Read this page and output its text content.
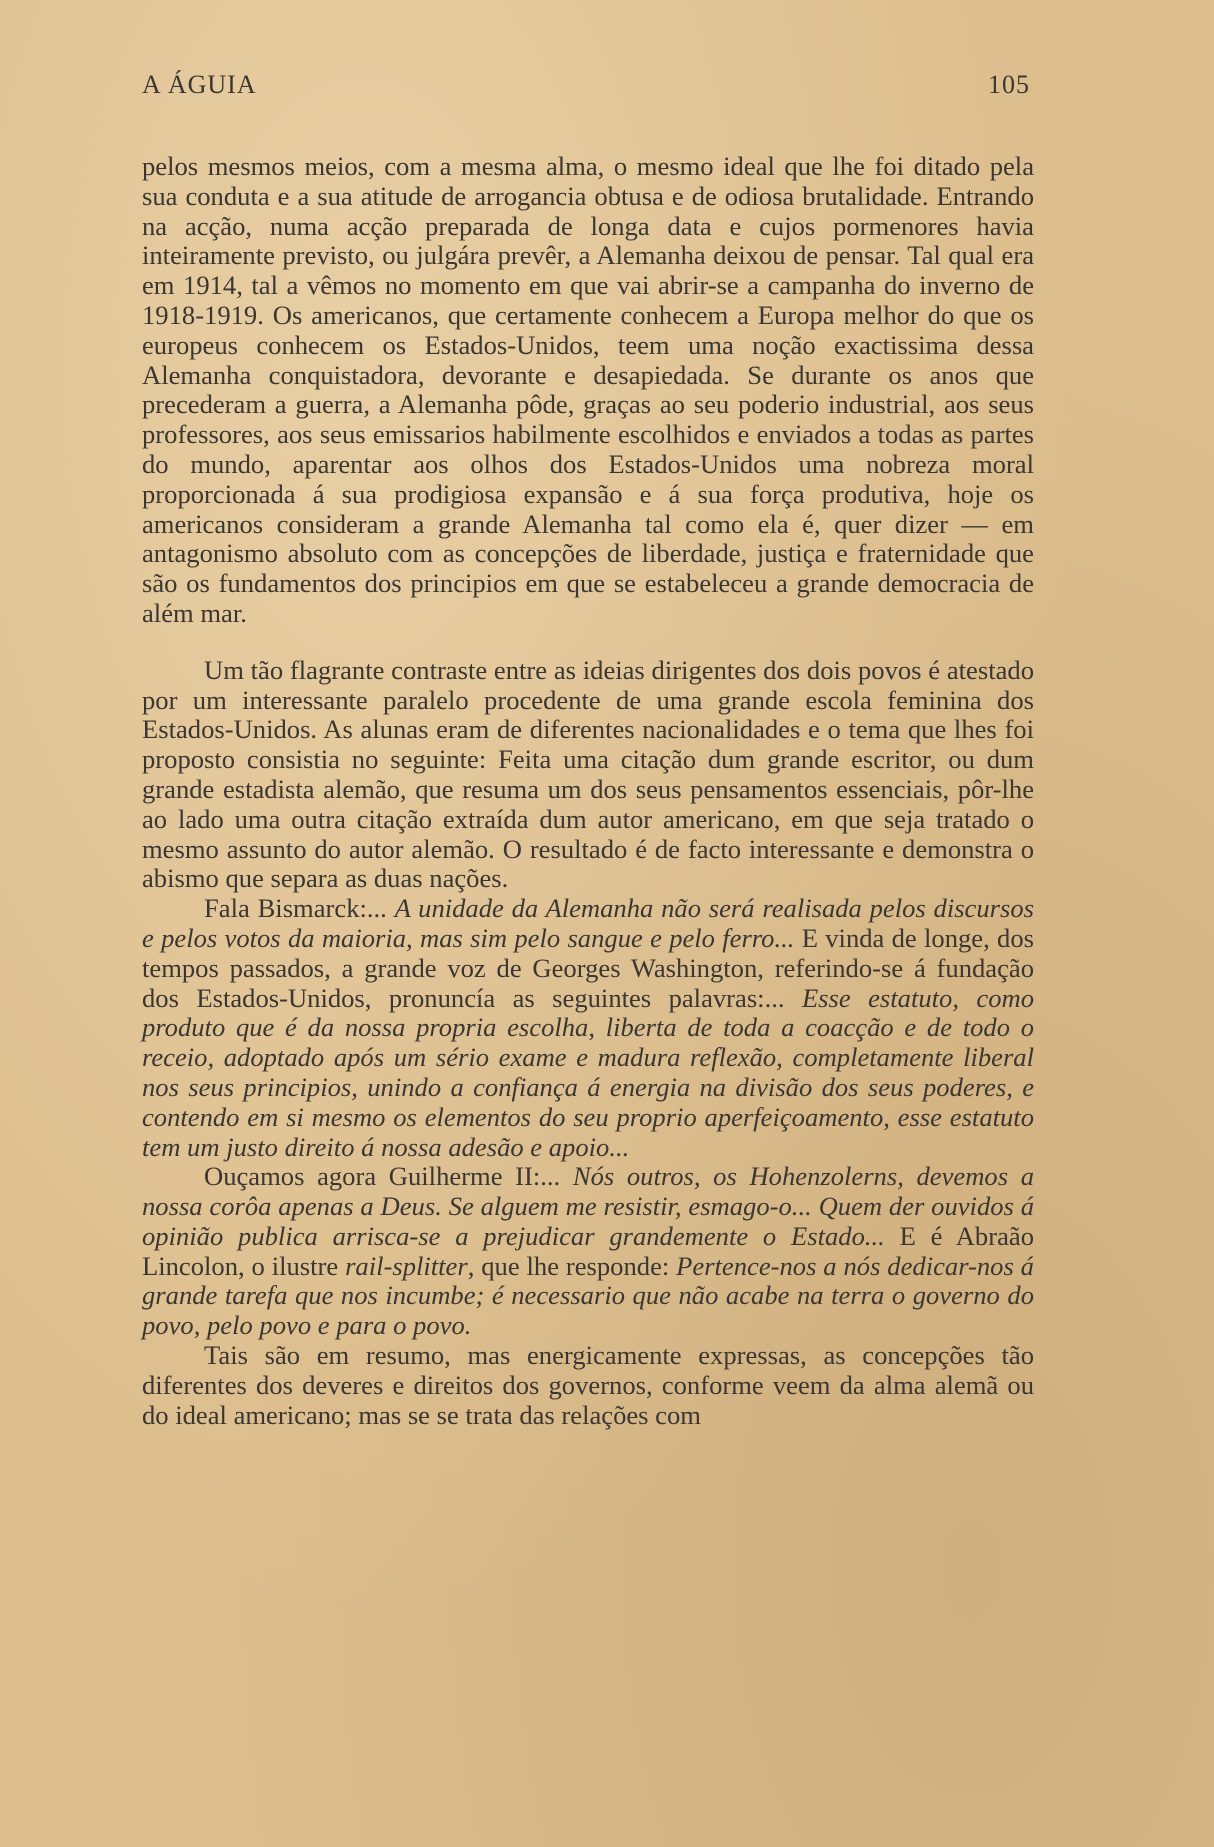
A ÁGUIA	105

pelos mesmos meios, com a mesma alma, o mesmo ideal que lhe foi ditado pela sua conduta e a sua atitude de arrogancia obtusa e de odiosa brutalidade. Entrando na acção, numa acção preparada de longa data e cujos pormenores havia inteiramente previsto, ou julgára prevêr, a Alemanha deixou de pensar. Tal qual era em 1914, tal a vêmos no momento em que vai abrir-se a campanha do inverno de 1918-1919. Os americanos, que certamente conhecem a Europa melhor do que os europeus conhecem os Estados-Unidos, teem uma noção exactissima dessa Alemanha conquistadora, devorante e desapiedada. Se durante os anos que precederam a guerra, a Alemanha pôde, graças ao seu poderio industrial, aos seus professores, aos seus emissarios habilmente escolhidos e enviados a todas as partes do mundo, aparentar aos olhos dos Estados-Unidos uma nobreza moral proporcionada á sua prodigiosa expansão e á sua força produtiva, hoje os americanos consideram a grande Alemanha tal como ela é, quer dizer — em antagonismo absoluto com as concepções de liberdade, justiça e fraternidade que são os fundamentos dos principios em que se estabeleceu a grande democracia de além mar.

Um tão flagrante contraste entre as ideias dirigentes dos dois povos é atestado por um interessante paralelo procedente de uma grande escola feminina dos Estados-Unidos. As alunas eram de diferentes nacionalidades e o tema que lhes foi proposto consistia no seguinte: Feita uma citação dum grande escritor, ou dum grande estadista alemão, que resuma um dos seus pensamentos essenciais, pôr-lhe ao lado uma outra citação extraída dum autor americano, em que seja tratado o mesmo assunto do autor alemão. O resultado é de facto interessante e demonstra o abismo que separa as duas nações.

Fala Bismarck:... A unidade da Alemanha não será realisada pelos discursos e pelos votos da maioria, mas sim pelo sangue e pelo ferro... E vinda de longe, dos tempos passados, a grande voz de Georges Washington, referindo-se á fundação dos Estados-Unidos, pronuncía as seguintes palavras:... Esse estatuto, como produto que é da nossa propria escolha, liberta de toda a coacção e de todo o receio, adoptado após um sério exame e madura reflexão, completamente liberal nos seus principios, unindo a confiança á energia na divisão dos seus poderes, e contendo em si mesmo os elementos do seu proprio aperfeiçoamento, esse estatuto tem um justo direito á nossa adesão e apoio...

Ouçamos agora Guilherme II:... Nós outros, os Hohenzolerns, devemos a nossa corôa apenas a Deus. Se alguem me resistir, esmago-o... Quem der ouvidos á opinião publica arrisca-se a prejudicar grandemente o Estado... E é Abraão Lincolon, o ilustre rail-splitter, que lhe responde: Pertence-nos a nós dedicar-nos á grande tarefa que nos incumbe; é necessario que não acabe na terra o governo do povo, pelo povo e para o povo.

Tais são em resumo, mas energicamente expressas, as concepções tão diferentes dos deveres e direitos dos governos, conforme veem da alma alemã ou do ideal americano; mas se se trata das relações com
